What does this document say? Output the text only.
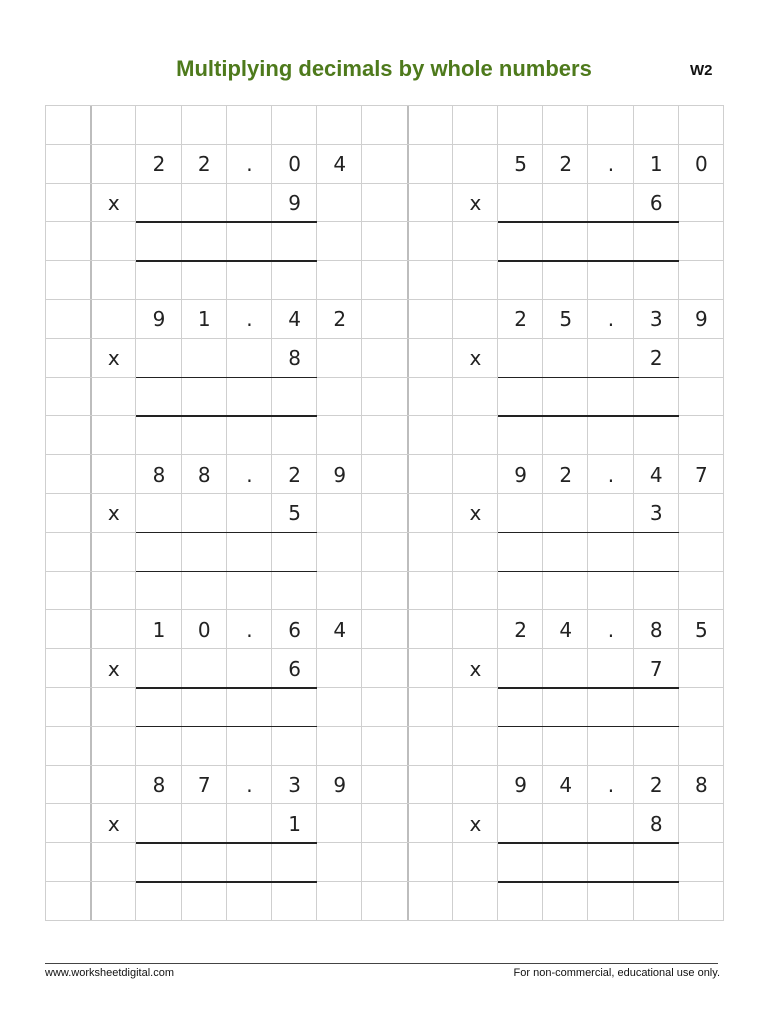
Multiplying decimals by whole numbers	W2
2	2	.	0	4
x	9
5	2	.	1	0
x	6
9	1	.	4	2
x	8
2	5	.	3	9
x	2
8	8	.	2	9
x	5
9	2	.	4	7
x	3
1	0	.	6	4
x	6
2	4	.	8	5
x	7
8	7	.	3	9
x	1
9	4	.	2	8
x	8
www.worksheetdigital.com	For non-commercial, educational use only.
